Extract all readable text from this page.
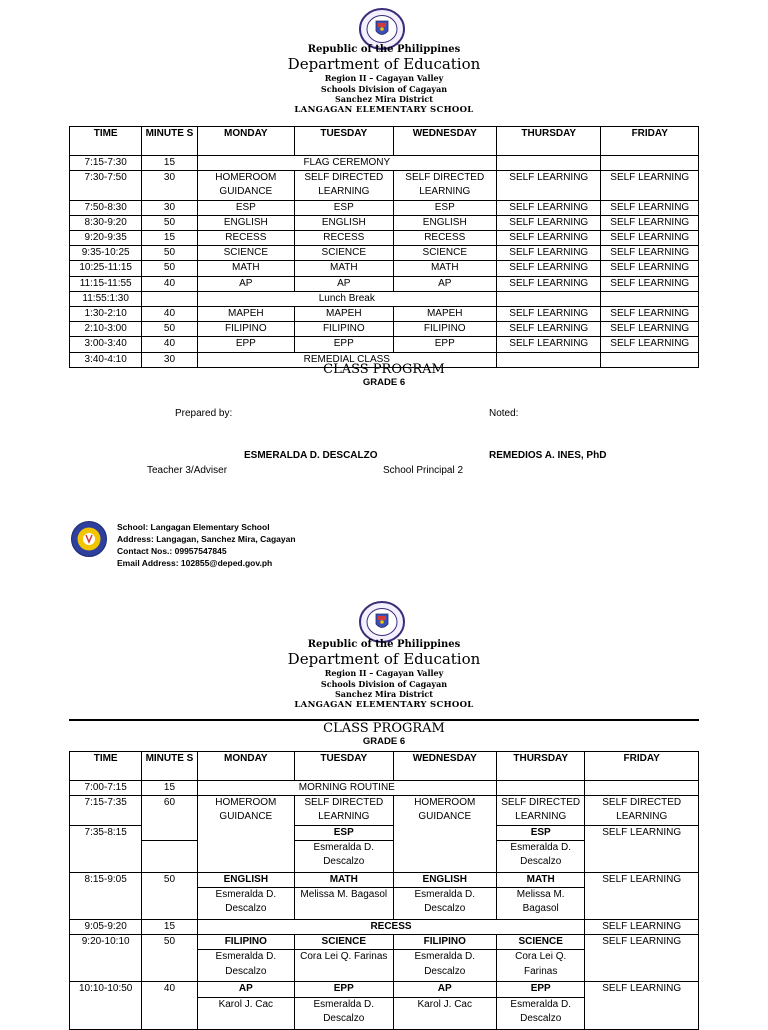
Republic of the Philippines
Department of Education
Region II – Cagayan Valley
Schools Division of Cagayan
Sanchez Mira District
LANGAGAN ELEMENTARY SCHOOL
TIME	MINUTE S	MONDAY	TUESDAY	WEDNESDAY	THURSDAY	FRIDAY
7:15-7:30	15	FLAG CEREMONY				
7:30-7:50	30	HOMEROOM GUIDANCE	SELF DIRECTED LEARNING	SELF DIRECTED LEARNING	SELF LEARNING	SELF LEARNING
7:50-8:30	30	ESP	ESP	ESP	SELF LEARNING	SELF LEARNING
8:30-9:20	50	ENGLISH	ENGLISH	ENGLISH	SELF LEARNING	SELF LEARNING
9:20-9:35	15	RECESS	RECESS	RECESS	SELF LEARNING	SELF LEARNING
9:35-10:25	50	SCIENCE	SCIENCE	SCIENCE	SELF LEARNING	SELF LEARNING
10:25-11:15	50	MATH	MATH	MATH	SELF LEARNING	SELF LEARNING
11:15-11:55	40	AP	AP	AP	SELF LEARNING	SELF LEARNING
11:55:1:30		Lunch Break				
1:30-2:10	40	MAPEH	MAPEH	MAPEH	SELF LEARNING	SELF LEARNING
2:10-3:00	50	FILIPINO	FILIPINO	FILIPINO	SELF LEARNING	SELF LEARNING
3:00-3:40	40	EPP	EPP	EPP	SELF LEARNING	SELF LEARNING
3:40-4:10	30	REMEDIAL CLASS				
CLASS PROGRAM
GRADE 6
Prepared by:	Noted:
ESMERALDA D. DESCALZO	REMEDIOS A. INES, PhD
Teacher 3/Adviser	School Principal 2
School: Langagan Elementary School
Address: Langagan, Sanchez Mira, Cagayan
Contact Nos.: 09957547845
Email Address: 102855@deped.gov.ph
Republic of the Philippines
Department of Education
Region II – Cagayan Valley
Schools Division of Cagayan
Sanchez Mira District
LANGAGAN ELEMENTARY SCHOOL
CLASS PROGRAM
GRADE 6
TIME	MINUTE S	MONDAY	TUESDAY	WEDNESDAY	THURSDAY	FRIDAY
7:00-7:15	15	MORNING ROUTINE				
7:15-7:35	60	HOMEROOM GUIDANCE	SELF DIRECTED LEARNING	HOMEROOM GUIDANCE	SELF DIRECTED LEARNING	SELF DIRECTED LEARNING
7:35-8:15			ESP		ESP	SELF LEARNING
			Esmeralda D. Descalzo		Esmeralda D. Descalzo	
8:15-9:05	50	ENGLISH	MATH	ENGLISH	MATH	SELF LEARNING
		Esmeralda D. Descalzo	Melissa M. Bagasol	Esmeralda D. Descalzo	Melissa M. Bagasol	
9:05-9:20	15	RECESS				SELF LEARNING
9:20-10:10	50	FILIPINO	SCIENCE	FILIPINO	SCIENCE	SELF LEARNING
		Esmeralda D. Descalzo	Cora Lei Q. Farinas	Esmeralda D. Descalzo	Cora Lei Q. Farinas	
10:10-10:50	40	AP	EPP	AP	EPP	SELF LEARNING
		Karol J. Cac	Esmeralda D. Descalzo	Karol J. Cac	Esmeralda D. Descalzo	
